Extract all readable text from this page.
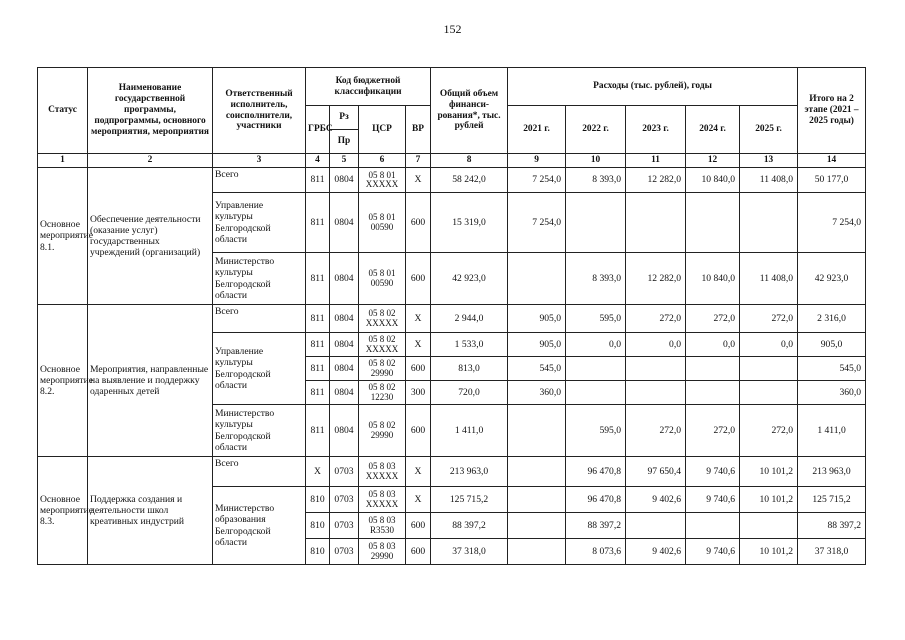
152
Статус	Наименование государственной программы, подпрограммы, основного мероприятия, мероприятия	Ответственный исполнитель, соисполнители, участники	Код бюджетной классификации				Общий объем финанси-рования*, тыс. рублей	Расходы (тыс. рублей), годы					Итого на 2 этапе (2021 – 2025 годы)
			ГРБС	Рз	ЦСР	ВР		2021 г.	2022 г.	2023 г.	2024 г.	2025 г.	
				Пр									
1	2	3	4	5	6	7	8	9	10	11	12	13	14
Основное мероприятие 8.1.	Обеспечение деятельности (оказание услуг) государственных учреждений (организаций)	Всего	811	0804	05 8 01 ХХХХХ	Х	58 242,0	7 254,0	8 393,0	12 282,0	10 840,0	11 408,0	50 177,0
		Управление культуры Белгородской области	811	0804	05 8 01 00590	600	15 319,0	7 254,0					7 254,0
		Министерство культуры Белгородской области	811	0804	05 8 01 00590	600	42 923,0		8 393,0	12 282,0	10 840,0	11 408,0	42 923,0
Основное мероприятие 8.2.	Мероприятия, направленные на выявление и поддержку одаренных детей	Всего	811	0804	05 8 02 ХХХХХ	Х	2 944,0	905,0	595,0	272,0	272,0	272,0	2 316,0
		Управление культуры Белгородской области	811	0804	05 8 02 ХХХХХ	Х	1 533,0	905,0	0,0	0,0	0,0	0,0	905,0
			811	0804	05 8 02 29990	600	813,0	545,0					545,0
			811	0804	05 8 02 12230	300	720,0	360,0					360,0
		Министерство культуры Белгородской области	811	0804	05 8 02 29990	600	1 411,0		595,0	272,0	272,0	272,0	1 411,0
Основное мероприятие 8.3.	Поддержка создания и деятельности школ креативных индустрий	Всего	Х	0703	05 8 03 ХХХХХ	Х	213 963,0		96 470,8	97 650,4	9 740,6	10 101,2	213 963,0
		Министерство образования Белгородской области	810	0703	05 8 03 ХХХХХ	Х	125 715,2		96 470,8	9 402,6	9 740,6	10 101,2	125 715,2
			810	0703	05 8 03 R3530	600	88 397,2		88 397,2				88 397,2
			810	0703	05 8 03 29990	600	37 318,0		8 073,6	9 402,6	9 740,6	10 101,2	37 318,0
